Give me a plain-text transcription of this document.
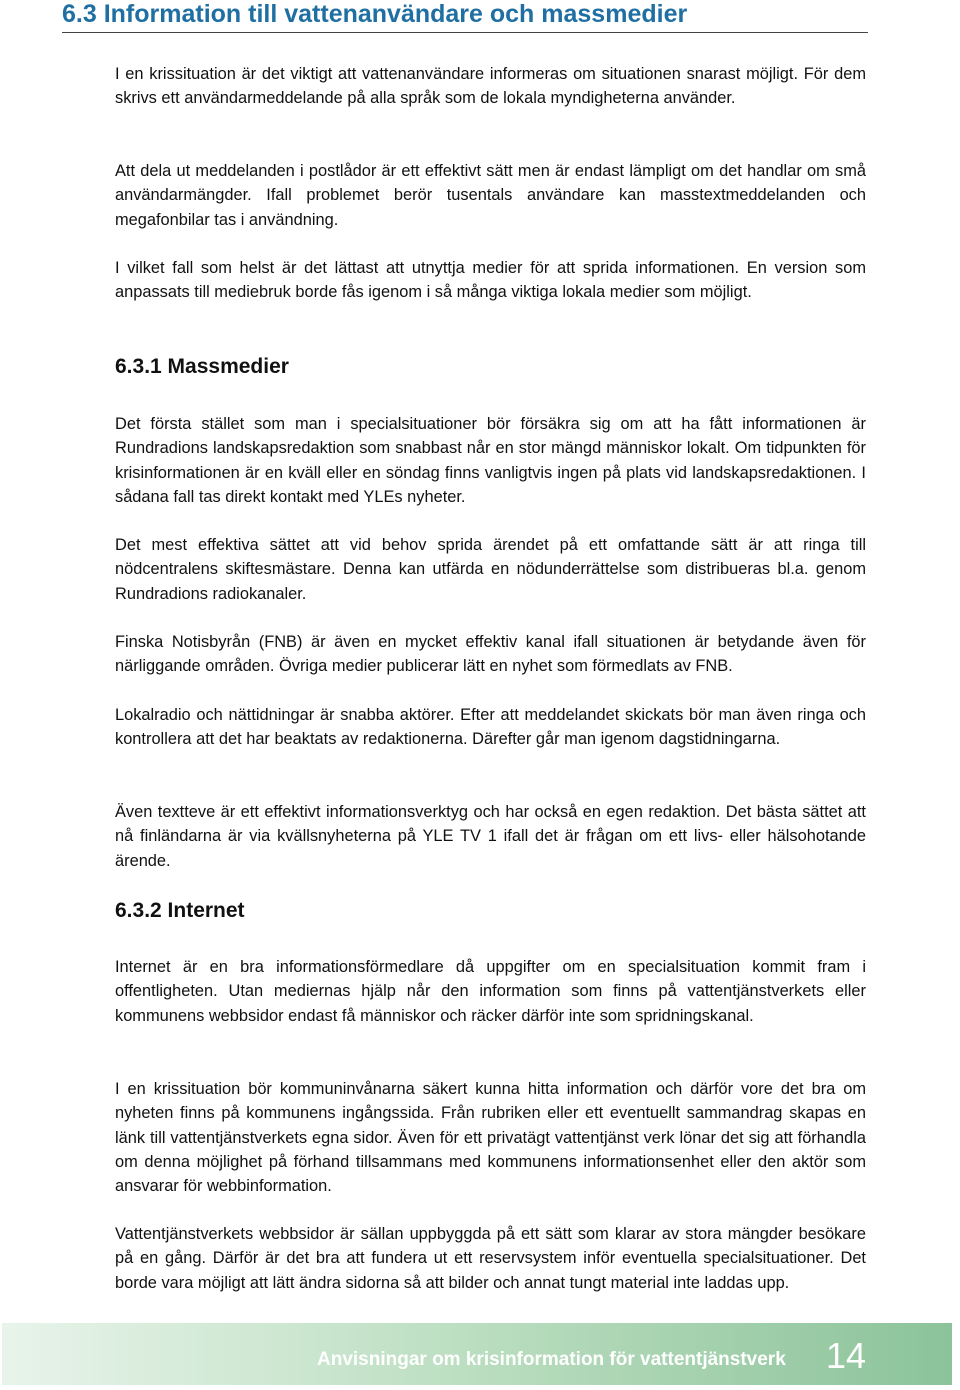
6.3 Information till vattenanvändare och massmedier

I en krissituation är det viktigt att vattenanvändare informeras om situationen snarast möjligt. För dem skrivs ett användarmeddelande på alla språk som de lokala myndigheterna använder.

Att dela ut meddelanden i postlådor är ett effektivt sätt men är endast lämpligt om det handlar om små användarmängder. Ifall problemet berör tusentals användare kan masstextmeddelanden och megafonbilar tas i användning.

I vilket fall som helst är det lättast att utnyttja medier för att sprida informationen. En version som anpassats till mediebruk borde fås igenom i så många viktiga lokala medier som möjligt.

6.3.1 Massmedier

Det första stället som man i specialsituationer bör försäkra sig om att ha fått informationen är Rundradions landskapsredaktion som snabbast når en stor mängd människor lokalt. Om tidpunkten för krisinformationen är en kväll eller en söndag finns vanligtvis ingen på plats vid landskapsredaktionen. I sådana fall tas direkt kontakt med YLEs nyheter.

Det mest effektiva sättet att vid behov sprida ärendet på ett omfattande sätt är att ringa till nödcentralens skiftesmästare. Denna kan utfärda en nödunderrättelse som distribueras bl.a. genom Rundradions radiokanaler.

Finska Notisbyrån (FNB) är även en mycket effektiv kanal ifall situationen är betydande även för närliggande områden. Övriga medier publicerar lätt en nyhet som förmedlats av FNB.

Lokalradio och nättidningar är snabba aktörer. Efter att meddelandet skickats bör man även ringa och kontrollera att det har beaktats av redaktionerna. Därefter går man igenom dagstidningarna.

Även textteve är ett effektivt informationsverktyg och har också en egen redaktion. Det bästa sättet att nå finländarna är via kvällsnyheterna på YLE TV 1 ifall det är frågan om ett livs- eller hälsohotande ärende.

6.3.2 Internet

Internet är en bra informationsförmedlare då uppgifter om en specialsituation kommit fram i offentligheten. Utan mediernas hjälp når den information som finns på vattentjänstverkets eller kommunens webbsidor endast få människor och räcker därför inte som spridningskanal.

I en krissituation bör kommuninvånarna säkert kunna hitta information och därför vore det bra om nyheten finns på kommunens ingångssida. Från rubriken eller ett eventuellt sammandrag skapas en länk till vattentjänstverkets egna sidor. Även för ett privatägt vattentjänst verk lönar det sig att förhandla om denna möjlighet på förhand tillsammans med kommunens informationsenhet eller den aktör som ansvarar för webbinformation.

Vattentjänstverkets webbsidor är sällan uppbyggda på ett sätt som klarar av stora mängder besökare på en gång. Därför är det bra att fundera ut ett reservsystem inför eventuella specialsituationer. Det borde vara möjligt att lätt ändra sidorna så att bilder och annat tungt material inte laddas upp.

Anvisningar om krisinformation för vattentjänstverk 14
